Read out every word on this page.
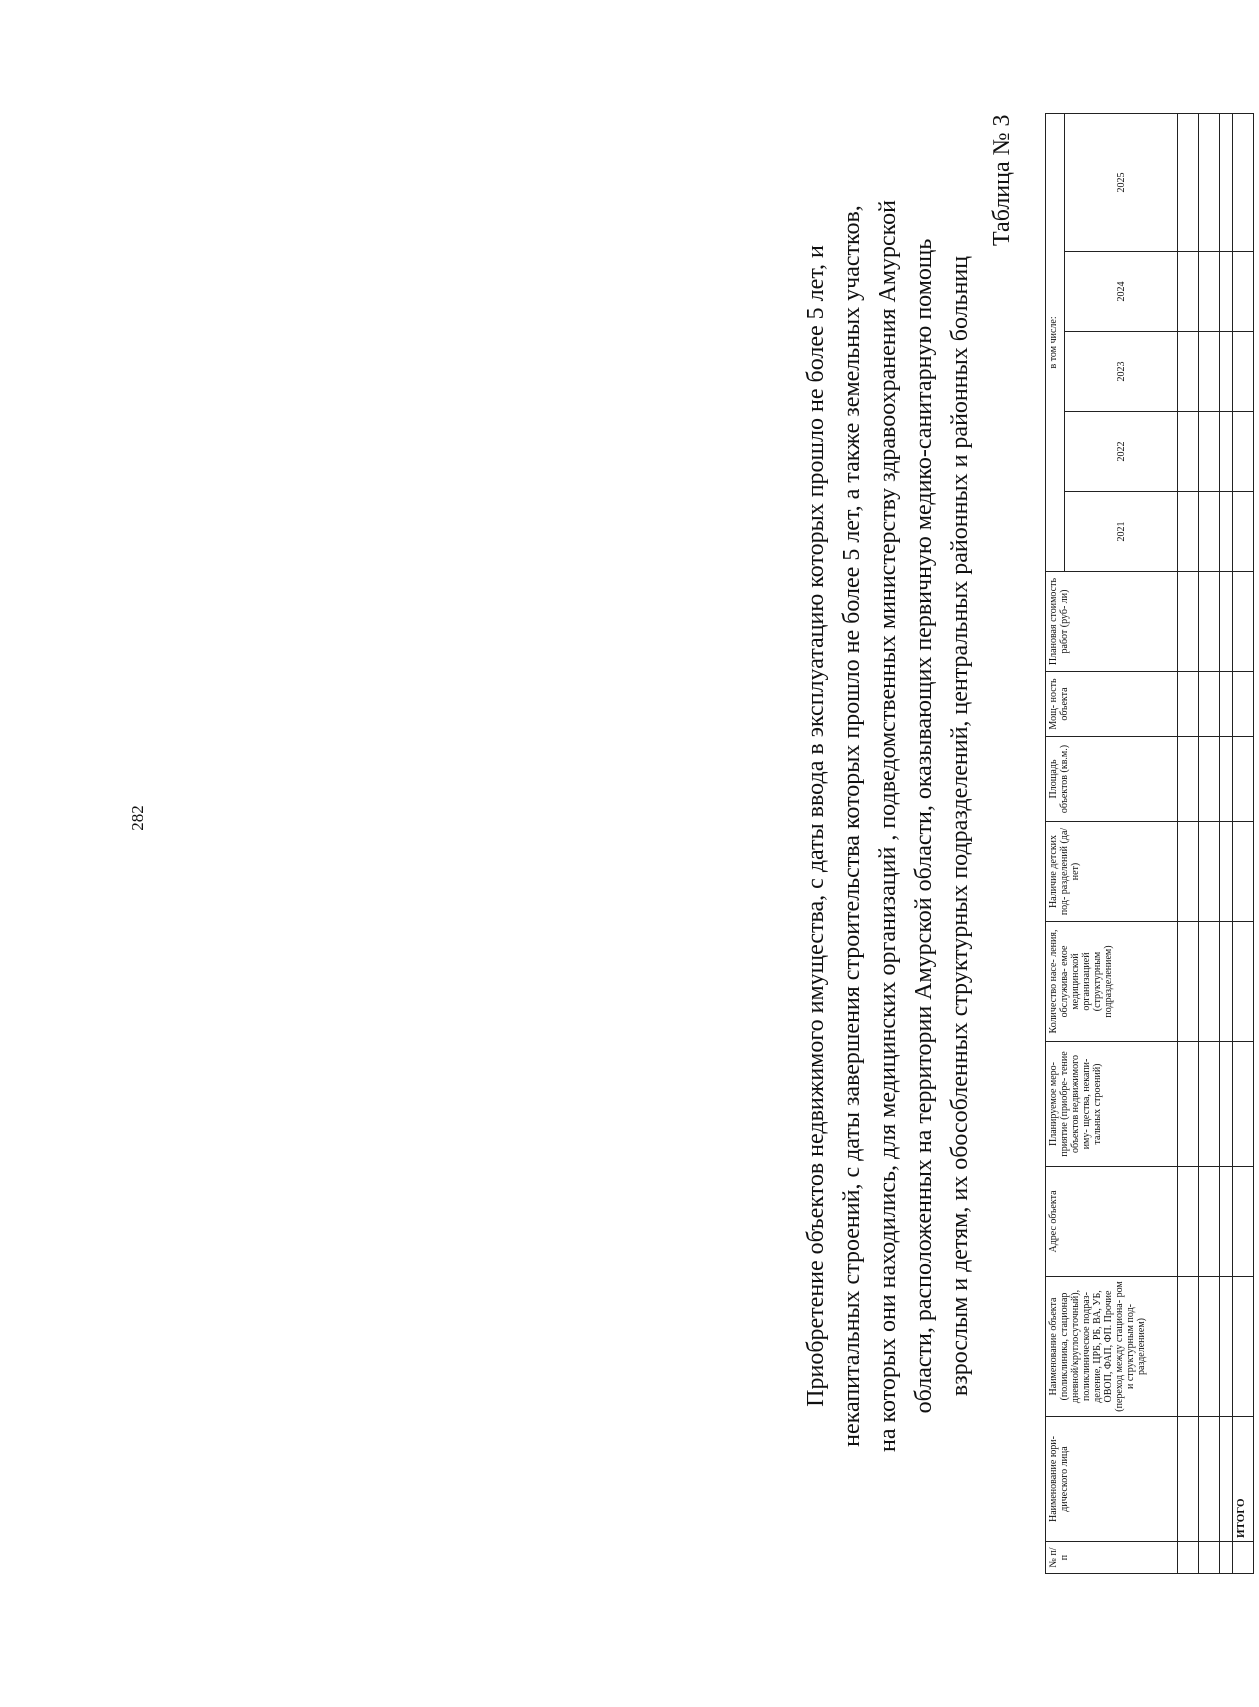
282	Приобретение объектов недвижимого имущества, с даты ввода в эксплуатацию которых прошло не более 5 лет, и некапитальных строений, с даты завершения строительства которых прошло не более 5 лет, а также земельных участков, на которых они находились, для медицинских организаций , подведомственных министерству здравоохранения Амурской области, расположенных на территории Амурской области, оказывающих первичную медико-санитарную помощь взрослым и детям, их обособленных структурных подразделений, центральных районных и районных больниц
Таблица № 3
№ п/п	Наименование юри- дического лица	Наименование объекта (поликлиника, стационар дневной/круглосуточный), поликлиническое подраз- деление, ЦРБ, РБ, ВА, УБ, ОВОП, ФАП, ФП. Прочие (переход между стациона- ром и структурным под- разделением)	Адрес объекта	Планируемое меро- приятие (приобре- тение объектов недвижимого иму- щества, некапи- тальных строений)	Количество насе- ления, обслужива- емое медицинской организацией (структурным подразделением)	Наличие детских под- разделений (да/нет)	Площадь объектов (кв.м.)	Мощ- ность объекта	Плановая стоимость работ (руб- ли)	в том числе:				
										2021	2022	2023	2024	2025

	ИТОГО													
